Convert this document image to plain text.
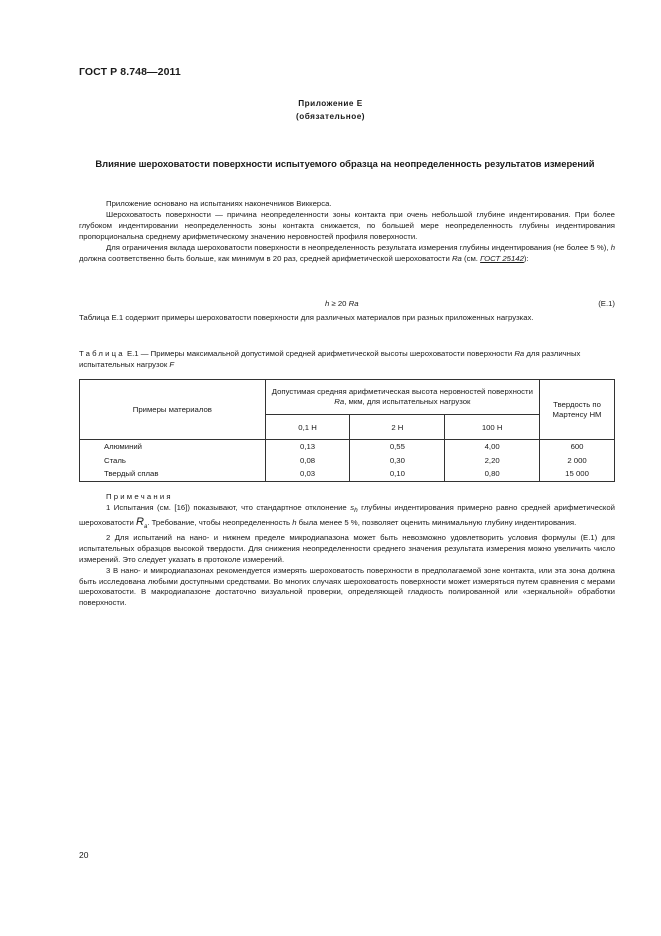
ГОСТ Р 8.748—2011
Приложение Е
(обязательное)
Влияние шероховатости поверхности испытуемого образца на неопределенность результатов измерений

Приложение основано на испытаниях наконечников Виккерса.

Шероховатость поверхности — причина неопределенности зоны контакта при очень небольшой глубине индентирования. При более глубоком индентировании неопределенность зоны контакта снижается, по большей мере неопределенность глубины индентирования пропорциональна среднему арифметическому значению неровностей профиля поверхности.

Для ограничения вклада шероховатости поверхности в неопределенность результата измерения глубины индентирования (не более 5 %), h должна соответственно быть больше, как минимум в 20 раз, средней арифметической шероховатости Ra (см. ГОСТ 25142):

h ≥ 20 Ra	(Е.1)

Таблица Е.1 содержит примеры шероховатости поверхности для различных материалов при разных приложенных нагрузках.

Таблица Е.1 — Примеры максимальной допустимой средней арифметической высоты шероховатости поверхности Ra для различных испытательных нагрузок F

Примеры материалов	Допустимая средняя арифметическая высота неровностей поверхности Ra, мкм, для испытательных нагрузок			Твердость по Мартенсу НМ
	0,1 Н	2 Н	100 Н	
Алюминий	0,13	0,55	4,00	600
Сталь	0,08	0,30	2,20	2 000
Твердый сплав	0,03	0,10	0,80	15 000

Примечания

1 Испытания (см. [16]) показывают, что стандартное отклонение $s_h$ глубины индентирования примерно равно средней арифметической шероховатости $R_a$. Требование, чтобы неопределенность h была менее 5 %, позволяет оценить минимальную глубину индентирования.

2 Для испытаний на нано- и нижнем пределе микродиапазона может быть невозможно удовлетворить условия формулы (Е.1) для испытательных образцов высокой твердости. Для снижения неопределенности среднего значения результата измерения можно увеличить число измерений. Это следует указать в протоколе измерений.

3 В нано- и микродиапазонах рекомендуется измерять шероховатость поверхности в предполагаемой зоне контакта, или эта зона должна быть исследована любыми доступными средствами. Во многих случаях шероховатость поверхности может измеряться путем сравнения с мерами шероховатости. В макродиапазоне достаточно визуальной проверки, определяющей гладкость полированной или «зеркальной» обработки поверхности.

20
